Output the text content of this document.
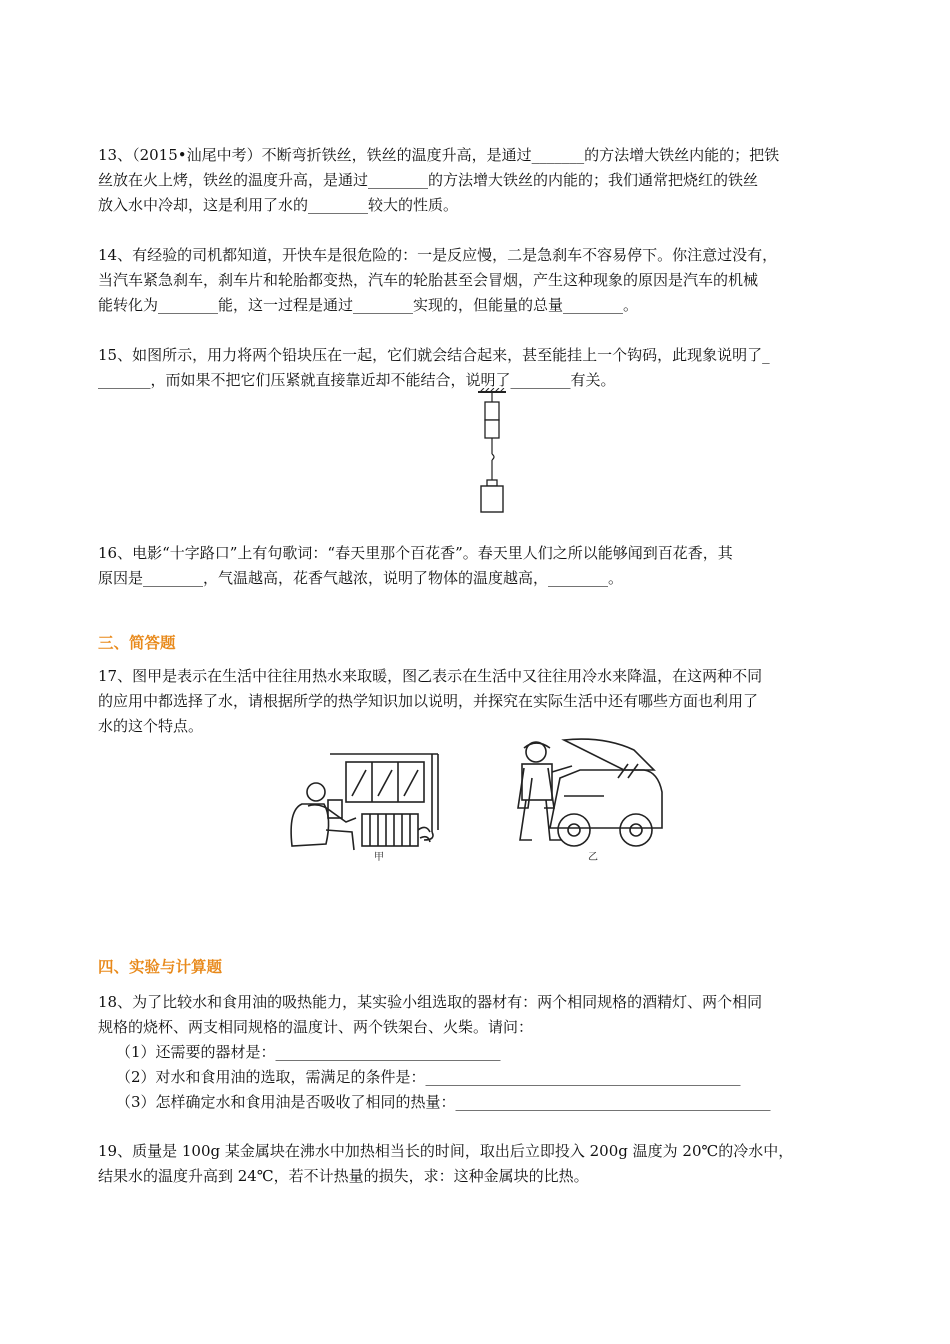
13、（2015•汕尾中考）不断弯折铁丝，铁丝的温度升高，是通过_______的方法增大铁丝内能的；把铁

丝放在火上烤，铁丝的温度升高，是通过________的方法增大铁丝的内能的；我们通常把烧红的铁丝

放入水中冷却，这是利用了水的________较大的性质。

14、有经验的司机都知道，开快车是很危险的：一是反应慢，二是急刹车不容易停下。你注意过没有，

当汽车紧急刹车，刹车片和轮胎都变热，汽车的轮胎甚至会冒烟，产生这种现象的原因是汽车的机械

能转化为________能，这一过程是通过________实现的，但能量的总量________。

15、如图所示，用力将两个铅块压在一起，它们就会结合起来，甚至能挂上一个钩码，此现象说明了_

_______，而如果不把它们压紧就直接靠近却不能结合，说明了________有关。

16、电影“十字路口”上有句歌词：“春天里那个百花香”。春天里人们之所以能够闻到百花香，其

原因是________，气温越高，花香气越浓，说明了物体的温度越高，________。

三、简答题

17、图甲是表示在生活中往往用热水来取暖，图乙表示在生活中又往往用冷水来降温，在这两种不同

的应用中都选择了水，请根据所学的热学知识加以说明，并探究在实际生活中还有哪些方面也利用了

水的这个特点。

甲	乙
四、实验与计算题

18、为了比较水和食用油的吸热能力，某实验小组选取的器材有：两个相同规格的酒精灯、两个相同

规格的烧杯、两支相同规格的温度计、两个铁架台、火柴。请问：

（1）还需要的器材是：______________________________

（2）对水和食用油的选取，需满足的条件是：__________________________________________

（3）怎样确定水和食用油是否吸收了相同的热量：__________________________________________

19、质量是 100g 某金属块在沸水中加热相当长的时间，取出后立即投入 200g 温度为 20℃的冷水中，

结果水的温度升高到 24℃，若不计热量的损失，求：这种金属块的比热。
